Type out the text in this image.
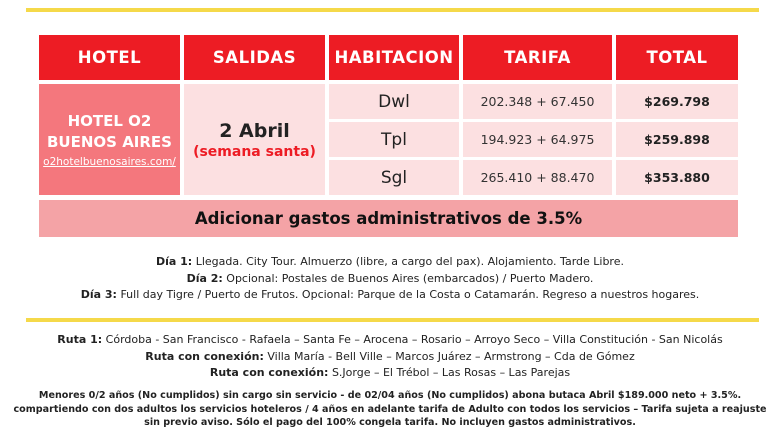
HOTEL	SALIDAS	HABITACION	TARIFA	TOTAL
HOTEL O2
BUENOS AIRES
o2hotelbuenosaires.com/
2 Abril
(semana santa)
Dwl	202.348 + 67.450	$269.798
Tpl	194.923 + 64.975	$259.898
Sgl	265.410 + 88.470	$353.880
Adicionar gastos administrativos de 3.5%
Día 1: Llegada. City Tour. Almuerzo (libre, a cargo del pax). Alojamiento. Tarde Libre.
Día 2: Opcional: Postales de Buenos Aires (embarcados) / Puerto Madero.
Día 3: Full day Tigre / Puerto de Frutos. Opcional: Parque de la Costa o Catamarán. Regreso a nuestros hogares.
Ruta 1: Córdoba - San Francisco - Rafaela – Santa Fe – Arocena – Rosario – Arroyo Seco – Villa Constitución - San Nicolás
Ruta con conexión: Villa María - Bell Ville – Marcos Juárez – Armstrong – Cda de Gómez
Ruta con conexión: S.Jorge – El Trébol – Las Rosas – Las Parejas
Menores 0/2 años (No cumplidos) sin cargo sin servicio - de 02/04 años (No cumplidos) abona butaca Abril $189.000 neto + 3.5%. compartiendo con dos adultos los servicios hoteleros / 4 años en adelante tarifa de Adulto con todos los servicios – Tarifa sujeta a reajuste sin previo aviso. Sólo el pago del 100% congela tarifa. No incluyen gastos administrativos.
